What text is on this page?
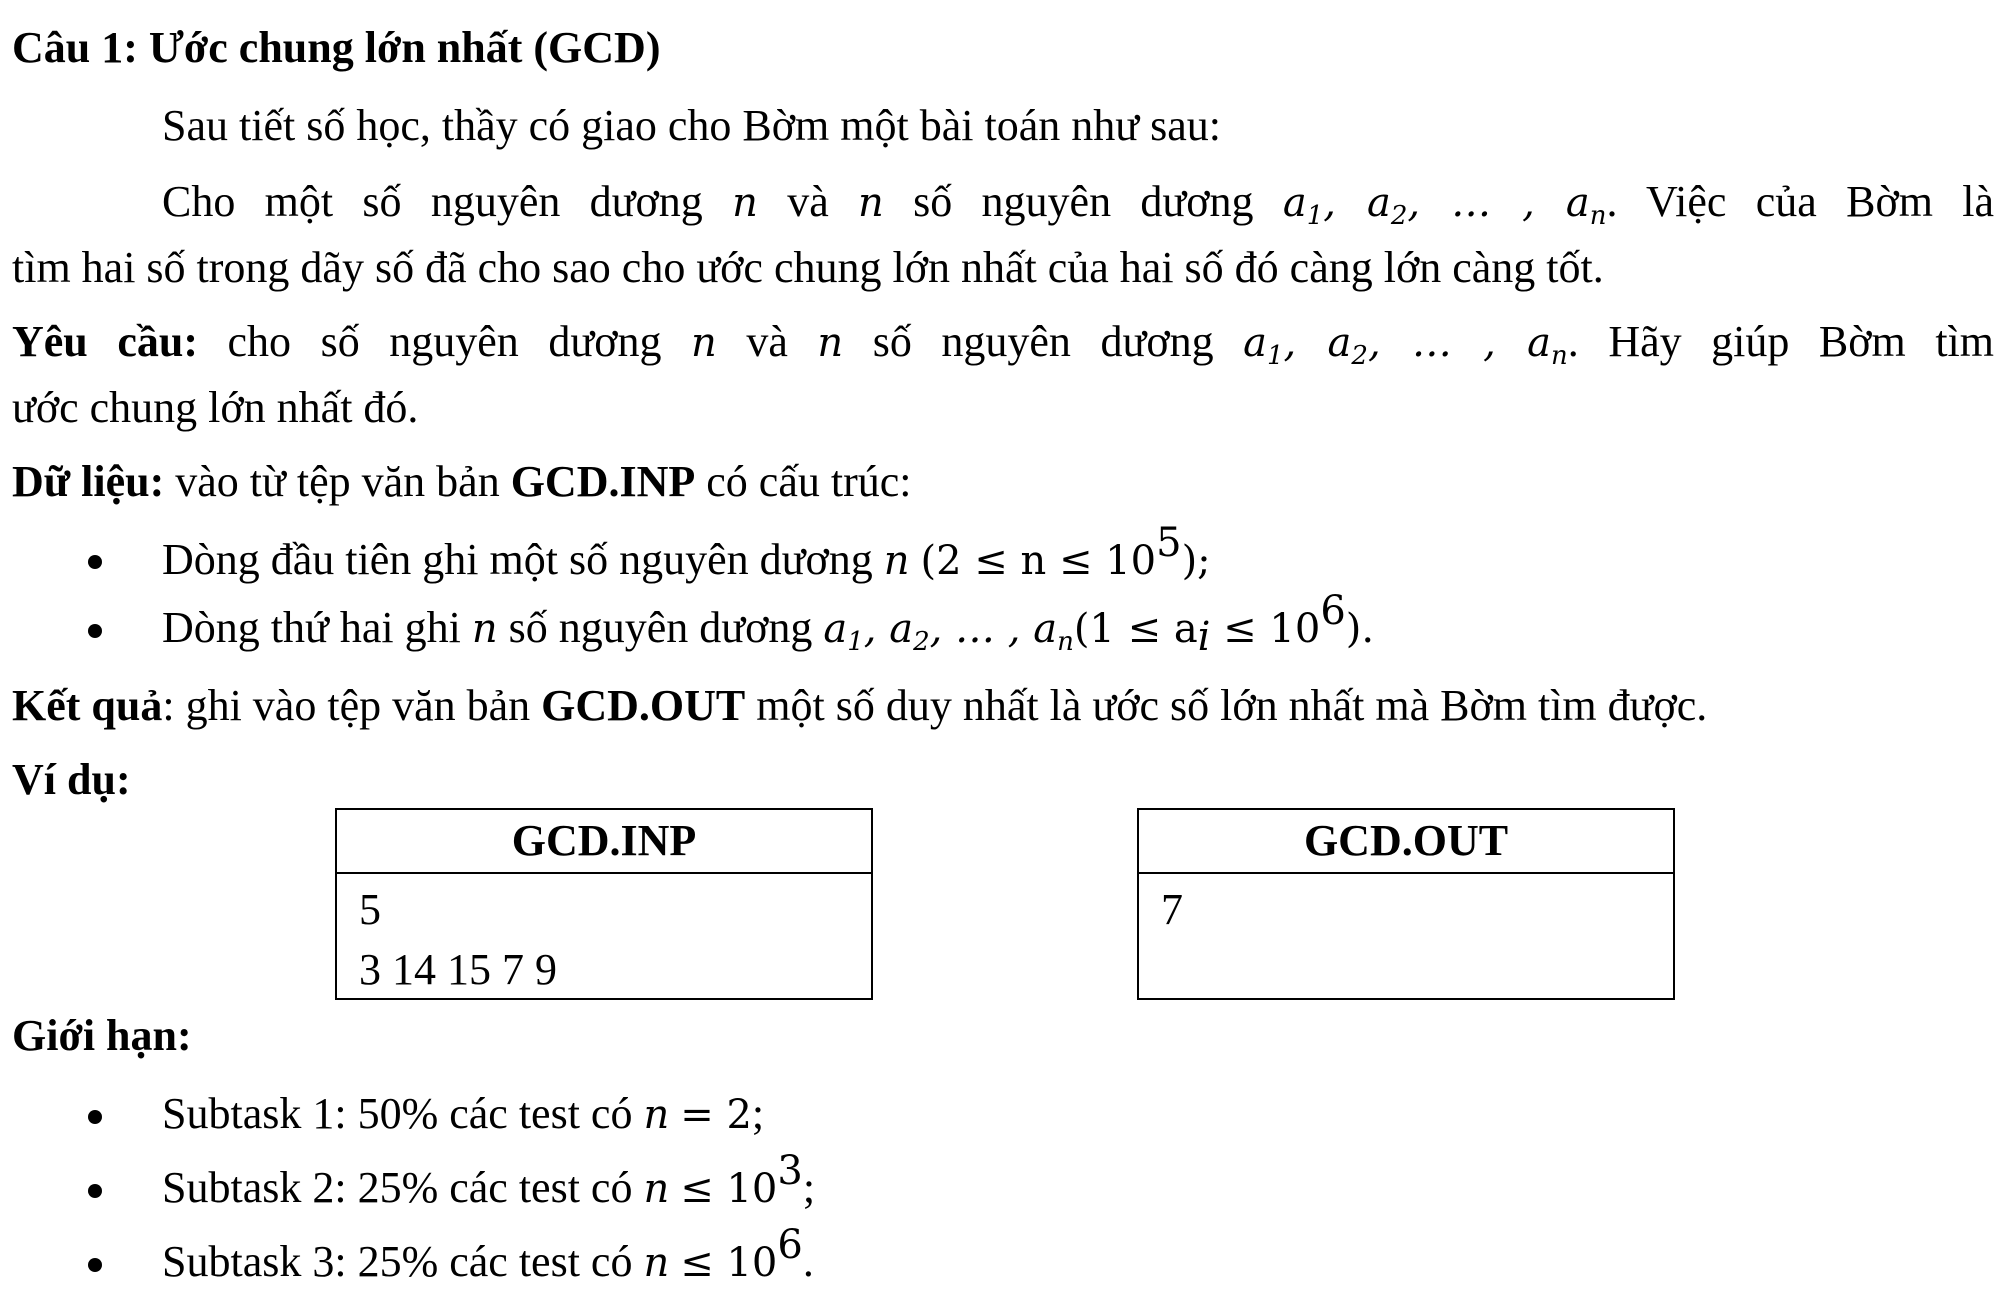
Câu 1: Ước chung lớn nhất (GCD)
Sau tiết số học, thầy có giao cho Bờm một bài toán như sau:
Cho một số nguyên dương n và n số nguyên dương $a_1$, $a_2$, … , $a_n$. Việc của Bờm là
tìm hai số trong dãy số đã cho sao cho ước chung lớn nhất của hai số đó càng lớn càng tốt.
Yêu cầu: cho số nguyên dương n và n số nguyên dương $a_1$, $a_2$, … , $a_n$. Hãy giúp Bờm tìm
ước chung lớn nhất đó.
Dữ liệu: vào từ tệp văn bản GCD.INP có cấu trúc:
Dòng đầu tiên ghi một số nguyên dương n $(2 \le n \le 10^5)$;
Dòng thứ hai ghi n số nguyên dương $a_1$, $a_2$, … , $a_n(1 \le a_i \le 10^6)$.
Kết quả: ghi vào tệp văn bản GCD.OUT một số duy nhất là ước số lớn nhất mà Bờm tìm được.
Ví dụ:
GCD.INP
5
3 14 15 7 9
GCD.OUT
7
Giới hạn:
Subtask 1: 50% các test có n = 2;
Subtask 2: 25% các test có $n \le 10^3$;
Subtask 3: 25% các test có $n \le 10^6$.
